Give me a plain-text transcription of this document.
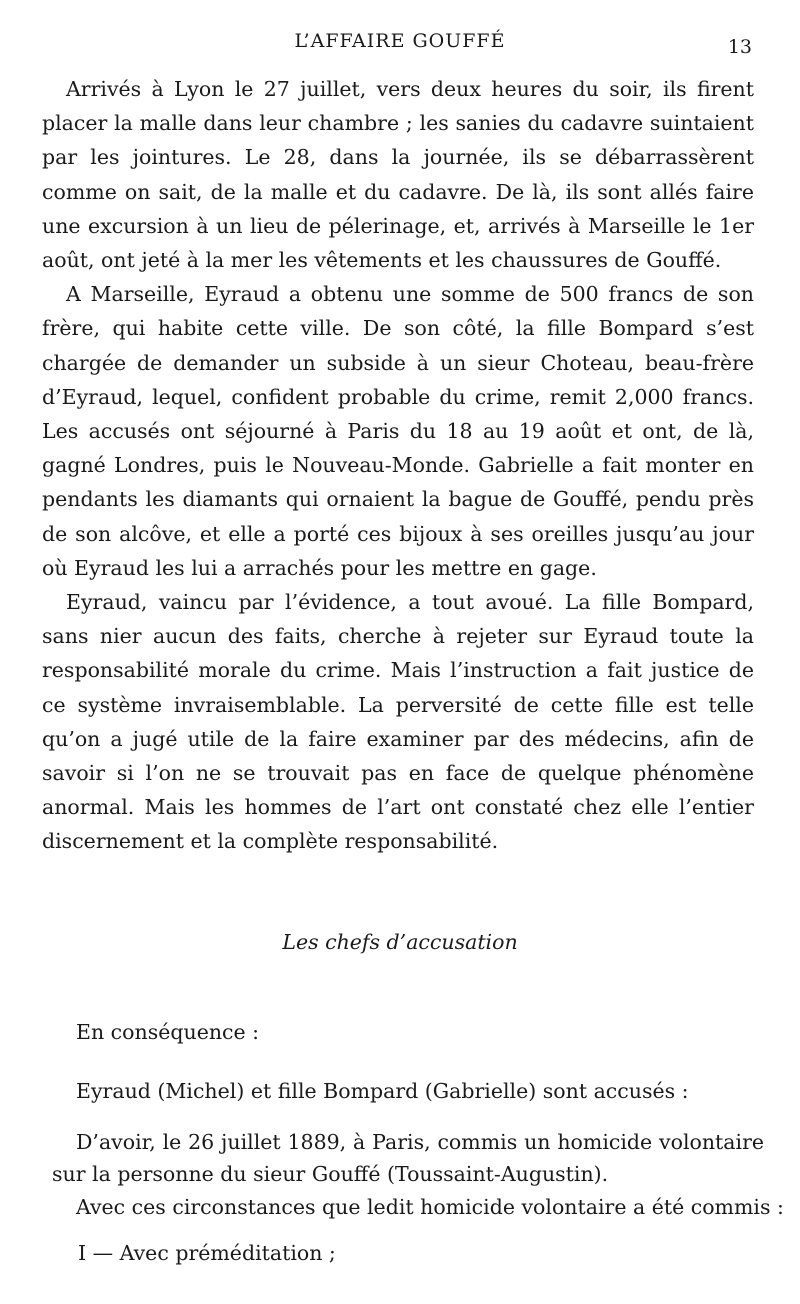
L’AFFAIRE GOUFFÉ	13

Arrivés à Lyon le 27 juillet, vers deux heures du soir, ils firent placer la malle dans leur chambre ; les sanies du cadavre suintaient par les jointures. Le 28, dans la journée, ils se débarrassèrent comme on sait, de la malle et du cadavre. De là, ils sont allés faire une excursion à un lieu de pélerinage, et, arrivés à Marseille le 1er août, ont jeté à la mer les vêtements et les chaussures de Gouffé.

A Marseille, Eyraud a obtenu une somme de 500 francs de son frère, qui habite cette ville. De son côté, la fille Bompard s’est chargée de demander un subside à un sieur Choteau, beau-frère d’Eyraud, lequel, confident probable du crime, remit 2,000 francs. Les accusés ont séjourné à Paris du 18 au 19 août et ont, de là, gagné Londres, puis le Nouveau-Monde. Gabrielle a fait monter en pendants les diamants qui ornaient la bague de Gouffé, pendu près de son alcôve, et elle a porté ces bijoux à ses oreilles jusqu’au jour où Eyraud les lui a arrachés pour les mettre en gage.

Eyraud, vaincu par l’évidence, a tout avoué. La fille Bompard, sans nier aucun des faits, cherche à rejeter sur Eyraud toute la responsabilité morale du crime. Mais l’instruction a fait justice de ce système invraisemblable. La perversité de cette fille est telle qu’on a jugé utile de la faire examiner par des médecins, afin de savoir si l’on ne se trouvait pas en face de quelque phénomène anormal. Mais les hommes de l’art ont constaté chez elle l’entier discernement et la complète responsabilité.

Les chefs d’accusation
En conséquence :
Eyraud (Michel) et fille Bompard (Gabrielle) sont accusés :

D’avoir, le 26 juillet 1889, à Paris, commis un homicide volontaire sur la personne du sieur Gouffé (Toussaint-Augustin).

Avec ces circonstances que ledit homicide volontaire a été commis :
I — Avec préméditation ;
